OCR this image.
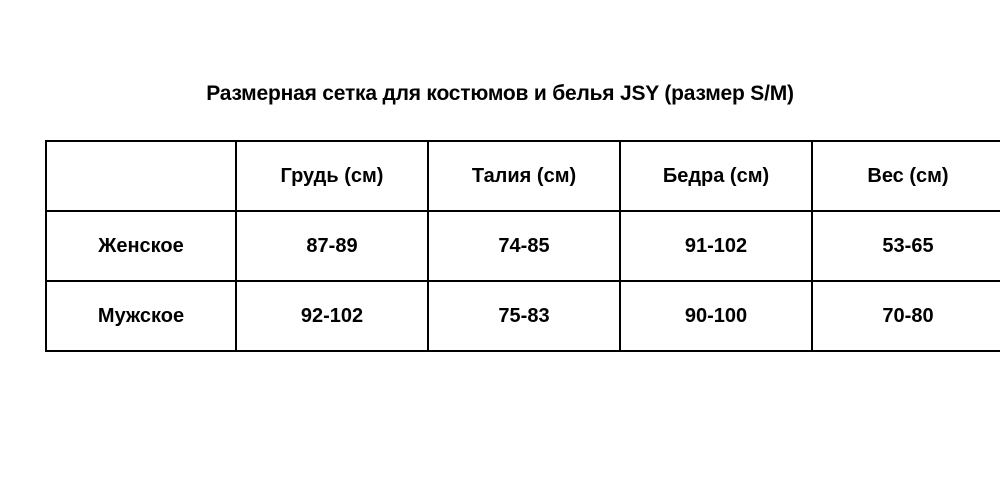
Размерная сетка для костюмов и белья JSY (размер S/M)
	Грудь (см)	Талия (см)	Бедра (см)	Вес (см)
Женское	87-89	74-85	91-102	53-65
Мужское	92-102	75-83	90-100	70-80
